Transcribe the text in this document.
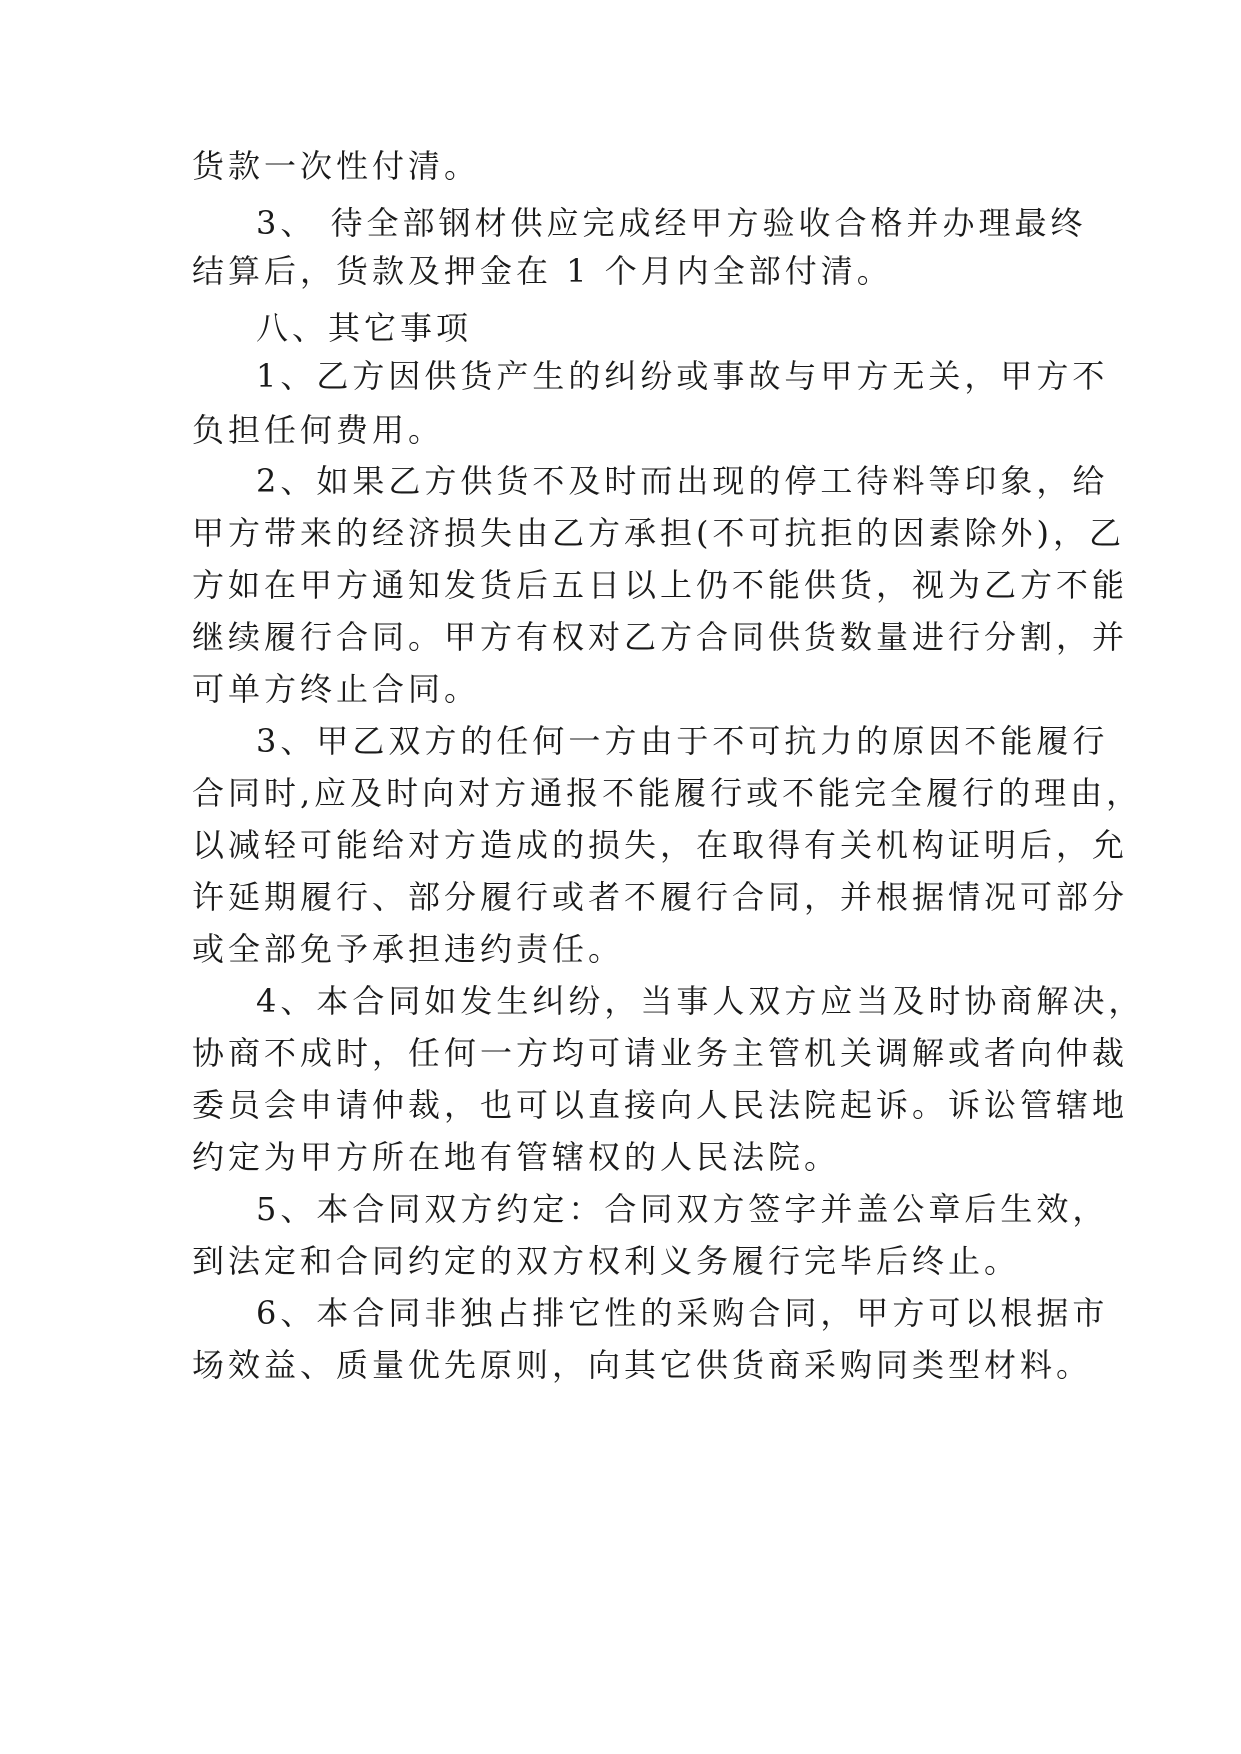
货款一次性付清。
3、 待全部钢材供应完成经甲方验收合格并办理最终
结算后，货款及押金在 1 个月内全部付清。
八、其它事项
1、乙方因供货产生的纠纷或事故与甲方无关，甲方不
负担任何费用。
2、如果乙方供货不及时而出现的停工待料等印象，给
甲方带来的经济损失由乙方承担(不可抗拒的因素除外)，乙
方如在甲方通知发货后五日以上仍不能供货，视为乙方不能
继续履行合同。甲方有权对乙方合同供货数量进行分割，并
可单方终止合同。
3、甲乙双方的任何一方由于不可抗力的原因不能履行
合同时,应及时向对方通报不能履行或不能完全履行的理由，
以减轻可能给对方造成的损失，在取得有关机构证明后，允
许延期履行、部分履行或者不履行合同，并根据情况可部分
或全部免予承担违约责任。
4、本合同如发生纠纷，当事人双方应当及时协商解决，
协商不成时，任何一方均可请业务主管机关调解或者向仲裁
委员会申请仲裁，也可以直接向人民法院起诉。诉讼管辖地
约定为甲方所在地有管辖权的人民法院。
5、本合同双方约定：合同双方签字并盖公章后生效，
到法定和合同约定的双方权利义务履行完毕后终止。
6、本合同非独占排它性的采购合同，甲方可以根据市
场效益、质量优先原则，向其它供货商采购同类型材料。
